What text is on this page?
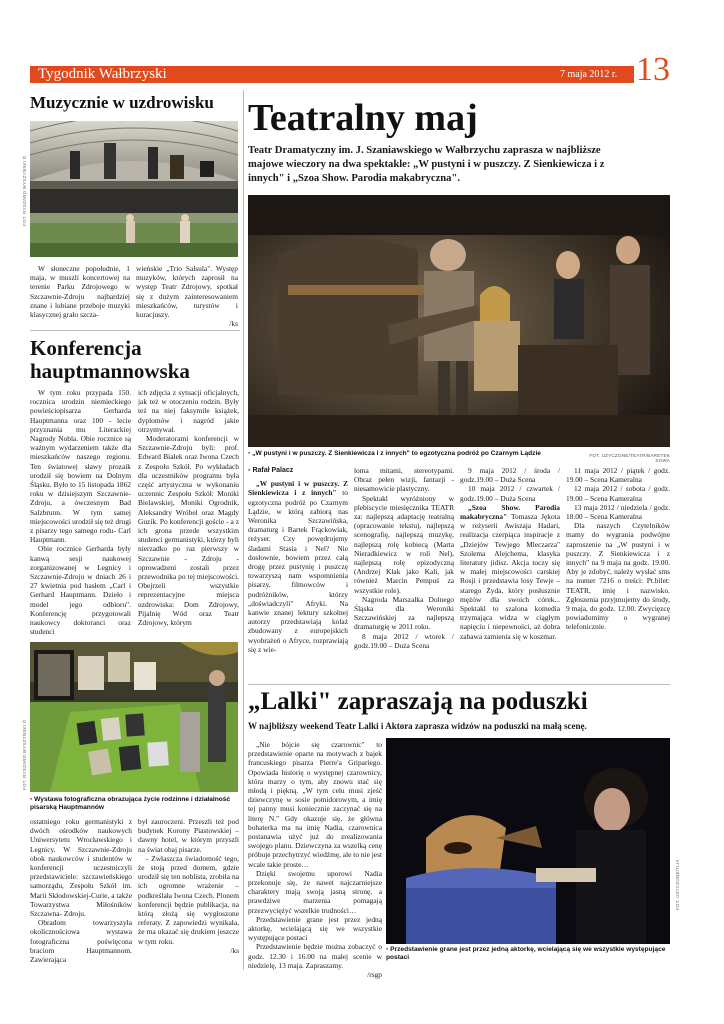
Tygodnik Wałbrzyski	7 maja 2012 r. 13
Muzycznie w uzdrowisku
FOT. RYSZARD WYSZYŃSKI ©

W słoneczne popołudnie, 1 maja, w muszli koncertowej na terenie Parku Zdrojowego w Szczawnie-Zdroju najbardziej znane i lubiane przeboje muzyki klasycznej grało szcza-

wieńskie „Trio Salsula". Występ muzyków, których zaprosił na występ Teatr Zdrojowy, spotkał się z dużym zainteresowaniem mieszkańców, turystów i kuracjuszy.

/ks

Konferencja
hauptmannowska

W tym roku przypada 150. rocznica urodzin niemieckiego powieściopisarza Gerharda Hauptmanna oraz 100 - lecie przyznania mu Literackiej Nagrody Nobla. Obie rocznice są ważnym wydarzeniem także dla mieszkańców naszego regionu. Ten światowej sławy prozaik urodził się bowiem na Dolnym Śląsku. Było to 15 listopada 1862 roku w dzisiejszym Szczawnie-Zdroju, a ówczesnym Bad Salzbrunn. W tym samej miejscowości urodził się też drugi z pisarzy tego samego rodu- Carl Hauptmann.

Obie rocznice Gerharda były kanwą sesji naukowej zorganizowanej w Legnicy i Szczawnie-Zdroju w dniach 26 i 27 kwietnia pod hasłem „Carl i Gerhard Hauptmann. Dzieło i model jego odbioru". Konferencję przygotowali naukowcy doktoranci oraz studenci

ich zdjęcia z sytuacji oficjalnych, jak też w otoczeniu rodzin. Były też na niej faksymile książek, dyplomów i nagród jakie otrzymywał.

Moderatorami konferencji w Szczawnie-Zdroju byli: prof. Edward Białek oraz Iwona Czech z Zespołu Szkół. Po wykładach dla uczestników programu była część artystyczna w wykonaniu uczennic Zespołu Szkół: Moniki Bielawskiej, Moniki Ogrodnik, Aleksandry Wróbel oraz Magdy Guzik. Po konferencji goście - a z ich grona przede wszystkim studenci germanistyki, którzy byli nierzadko po raz pierwszy w Szczawnie - Zdroju - oprowadzeni zostali przez przewodnika po tej miejscowości. Obejrzeli wszystkie reprezentacyjne miejsca uzdrowiska: Dom Zdrojowy, Pijalnię Wód oraz Teatr Zdrojowy, którym

FOT. RYSZARD WYSZYŃSKI ©
▪ Wystawa fotograficzna obrazująca życie rodzinne i działalność pisarską Hauptmannów

ostatniego roku germanistyki z dwóch ośrodków naukowych Uniwersytetu Wrocławskiego i Legnicy. W Szczawnie-Zdroju obok naukowców i studentów w konferencji uczestniczyli przedstawiciele: szczawieńskiego samorządu, Zespołu Szkół im. Marii Skłodowskiej-Curie, a także Towarzystwa Miłośników Szczawna- Zdroju.

Obradom towarzyszyła okolicznościowa wystawa fotograficzna poświęcona braciom Hauptmannom. Zawierająca

był zauroczeni. Przeszli też pod budynek Korony Piastowskiej – dawny hotel, w którym przyszli na świat obaj pisarze.

- Zwłaszcza świadomość tego, że stoją przed domem, gdzie urodził się ten noblista, zrobiła na ich ogromne wrażenie – podkreślała Iwona Czech. Plonem konferencji będzie publikacja, na którą złożą się wygłoszone referaty. Z zapowiedzi wynikała, że ma ukazać się drukiem jeszcze w tym roku.

/ks

Teatralny maj
Teatr Dramatyczny im. J. Szaniawskiego w Wałbrzychu zaprasza w najbliższe majowe wieczory na dwa spektakle: „W pustyni i w puszczy. Z Sienkiewicza i z innych" i „Szoa Show. Parodia makabryczna".
▪ „W pustyni i w puszczy. Z Sienkiewicza i z innych" to egzotyczna podróż po Czarnym Lądzie	FOT. UZYCZONE/TEATR/BARETEK SOWA

▪ Rafał Palacz

„W pustyni i w puszczy. Z Sienkiewicza i z innych" to egzotyczna podróż po Czarnym Lądzie, w którą zabiorą nas Weronika Szczawińska, dramaturg i Bartek Frąckowiak, reżyser. Czy powędrujemy śladami Stasia i Nel? Nie dosłownie, bowiem przez całą drogę przez pustynię i puszczę towarzyszą nam wspomnienia pisarzy, filmowców i podróżników, którzy „doświadczyli" Afryki. Na kanwie znanej lektury szkolnej autorzy przedstawiają kolaż zbudowany z europejskich wyobrażeń o Afryce, rozprawiają się z wie-

loma mitami, stereotypami. Obraz pełen wizji, fantazji - niesamowicie plastyczny.

Spektakl wyróżniony w plebiscycie miesięcznika TEATR za: najlepszą adaptację teatralną (opracowanie tekstu), najlepszą scenografię, najlepszą muzykę, najlepszą rolę kobiecą (Marta Nieradkiewicz w roli Nel), najlepszą rolę epizodyczną (Andrzej Kłak jako Kali, jak również Marcin Pempuś za wszystkie role).

Nagroda Marszałka Dolnego Śląska dla Weroniki Szczawińskiej za najlepszą dramaturgię w 2011 roku.

8 maja 2012 / wtorek / godz.19.00 – Duża Scena

9 maja 2012 / środa / godz.19.00 – Duża Scena

10 maja 2012 / czwartek / godz.19.00 – Duża Scena

„Szoa Show. Parodia makabryczna" Tomasza Jękota w reżyserii Awiszaja Hadari, realizacja czerpiąca inspiracje z „Dziejów Tewjego Mleczarza" Szolema Alejchema, klasyka literatury jidisz. Akcja toczy się w małej miejscowości carskiej Rosji i przedstawia losy Tewje – starego Żyda, który posłusznie mężów dla swoich córek... Spektakl to szalona komedia trzymająca widza w ciągłym napięciu i niepewności, aż dobra zabawa zamienia się w koszmar.

11 maja 2012 / piątek / godz. 19.00 – Scena Kameralna

12 maja 2012 / sobota / godz. 19.00 – Scena Kameralna

13 maja 2012 / niedziela / godz. 18.00 – Scena Kameralna

Dla naszych Czytelników mamy do wygrania podwójne zaproszenie na „W pustyni i w puszczy. Z Sienkiewicza i z innych" na 9 maja na godz. 19.00. Aby je zdobyć, należy wysłać sms na numer 7216 o treści: Pt.bilet: TEATR, imię i nazwisko. Zgłoszenia przyjmujemy do środy, 9 maja, do godz. 12.00. Zwycięzcę powiadomimy o wygranej telefonicznie.

„Lalki" zapraszają na poduszki
W najbliższy weekend Teatr Lalki i Aktora zaprasza widzów na poduszki na małą scenę.

„Nie bójcie się czarownic" to przedstawienie oparte na motywach z bajek francuskiego pisarza Pierre'a Gripariego. Opowiada historię o występnej czarownicy, która marzy o tym, aby znowu stać się młodą i piękną. „W tym celu musi zjeść dziewczynę w sosie pomidorowym, a imię tej panny musi koniecznie zaczynać się na literę N." Gdy okazuje się, że główna bohaterka ma na imię Nadia, czarownica postanawia użyć już do zrealizowania swojego planu. Dziewczyna za wszelką cenę próbuje przechytrzyć wiedźmę, ale to nie jest wcale takie proste…

Dzięki swojemu uporowi Nadia przekonuje się, że nawet najczarniejsze charaktery mają swoją jasną stronę, a prawdziwe marzenia pomagają przezwyciężyć wszelkie trudności…

Przedstawienie grane jest przez jedną aktorkę, wcielającą się we wszystkie występujące postaci

Przedstawienie będzie można zobaczyć o godz. 12.30 i 16.00 na małej scenie w niedzielę, 13 maja. Zapraszamy.

/rsgp

FOT. UZYCZONE/TLIA
▪ Przedstawienie grane jest przez jedną aktorkę, wcielającą się we wszystkie występujące postaci
